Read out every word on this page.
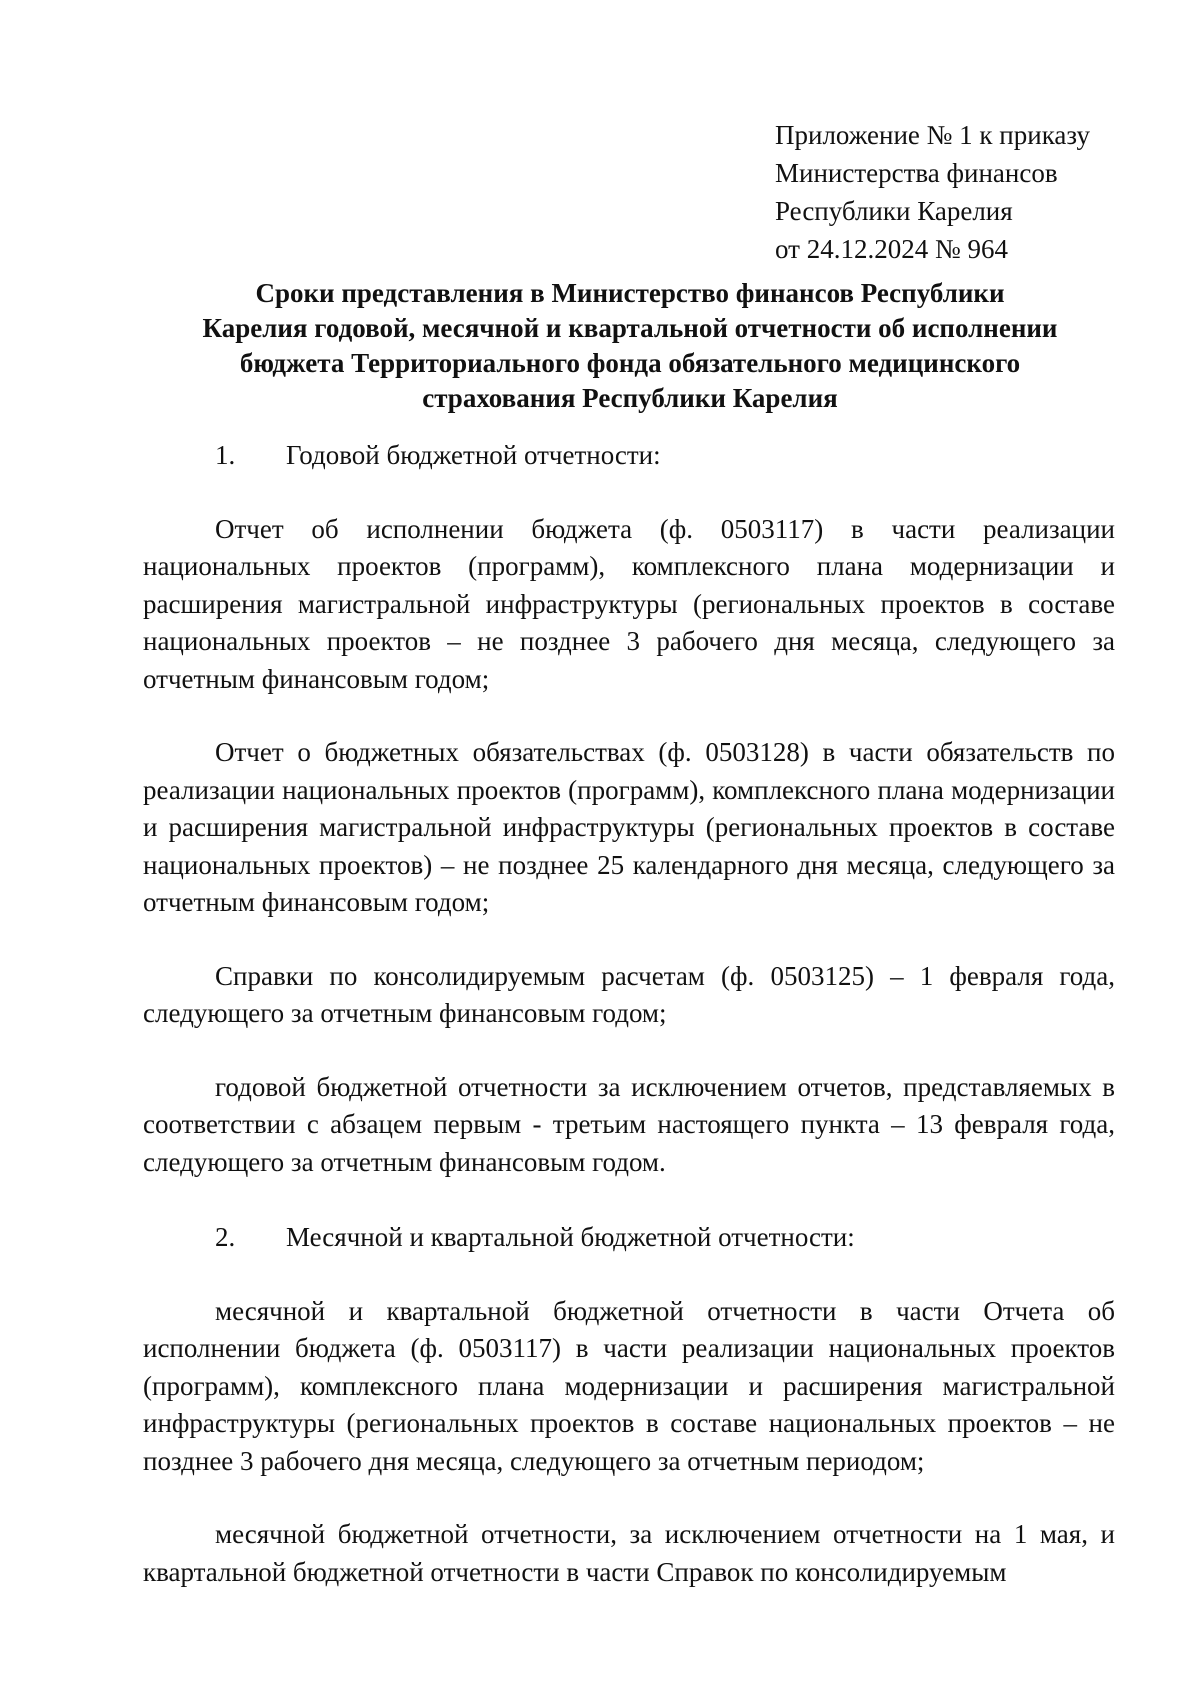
Приложение № 1 к приказу
Министерства финансов
Республики Карелия
от 24.12.2024 № 964
Сроки представления в Министерство финансов Республики
Карелия годовой, месячной и квартальной отчетности об исполнении
бюджета Территориального фонда обязательного медицинского
страхования Республики Карелия
1. Годовой бюджетной отчетности:

Отчет об исполнении бюджета (ф. 0503117) в части реализации национальных проектов (программ), комплексного плана модернизации и расширения магистральной инфраструктуры (региональных проектов в составе национальных проектов – не позднее 3 рабочего дня месяца, следующего за отчетным финансовым годом;

Отчет о бюджетных обязательствах (ф. 0503128) в части обязательств по реализации национальных проектов (программ), комплексного плана модернизации и расширения магистральной инфраструктуры (региональных проектов в составе национальных проектов) – не позднее 25 календарного дня месяца, следующего за отчетным финансовым годом;

Справки по консолидируемым расчетам (ф. 0503125) – 1 февраля года, следующего за отчетным финансовым годом;

годовой бюджетной отчетности за исключением отчетов, представляемых в соответствии с абзацем первым - третьим настоящего пункта – 13 февраля года, следующего за отчетным финансовым годом.

2. Месячной и квартальной бюджетной отчетности:

месячной и квартальной бюджетной отчетности в части Отчета об исполнении бюджета (ф. 0503117) в части реализации национальных проектов (программ), комплексного плана модернизации и расширения магистральной инфраструктуры (региональных проектов в составе национальных проектов – не позднее 3 рабочего дня месяца, следующего за отчетным периодом;

месячной бюджетной отчетности, за исключением отчетности на 1 мая, и квартальной бюджетной отчетности в части Справок по консолидируемым
